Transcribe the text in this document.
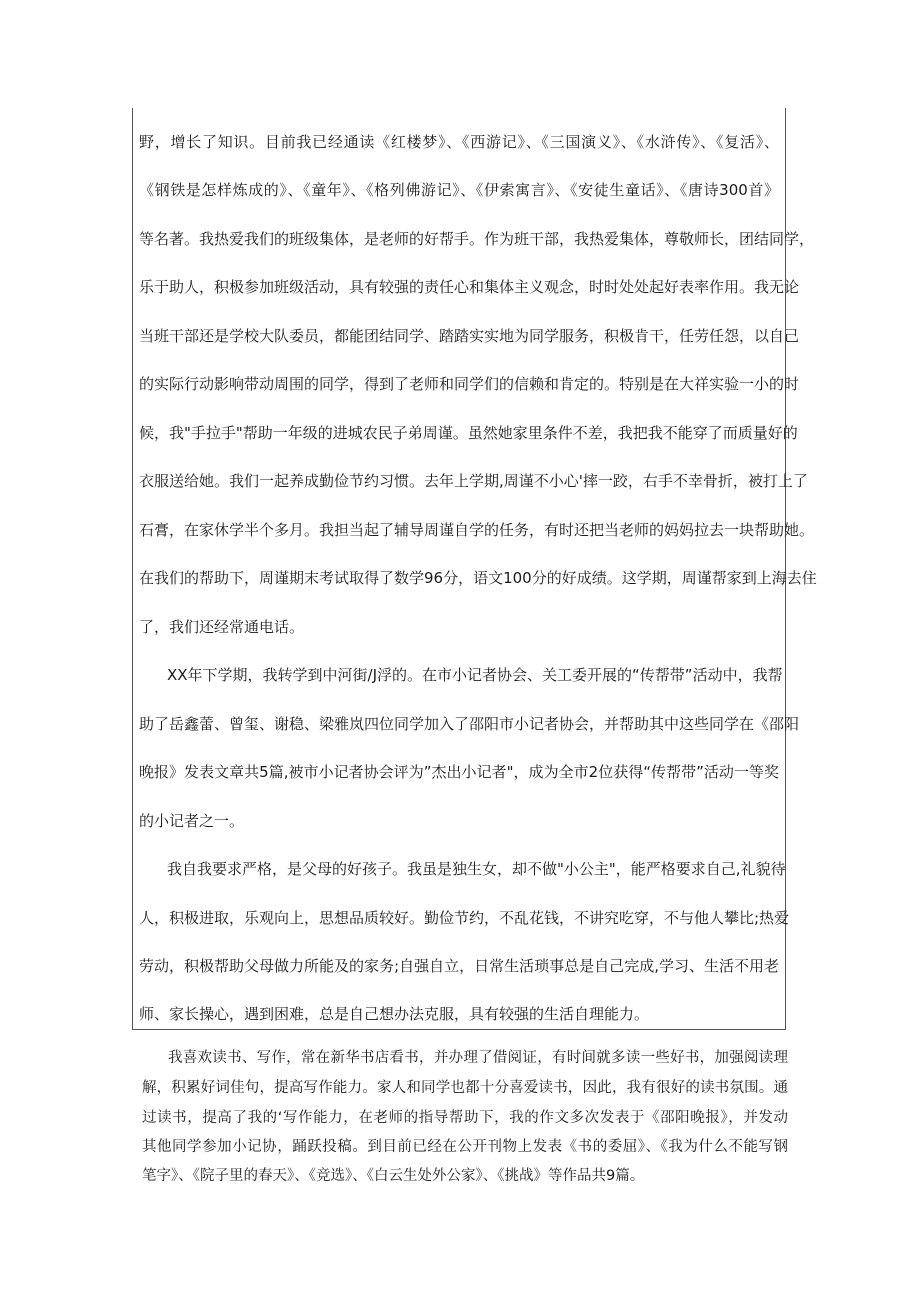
野，增长了知识。目前我已经通读《红楼梦》、《西游记》、《三国演义》、《水浒传》、《复活》、
《钢铁是怎样炼成的》、《童年》、《格列佛游记》、《伊索寓言》、《安徒生童话》、《唐诗300首》
等名著。我热爱我们的班级集体，是老师的好帮手。作为班干部，我热爱集体，尊敬师长，团结同学，
乐于助人，积极参加班级活动，具有较强的责任心和集体主义观念，时时处处起好表率作用。我无论
当班干部还是学校大队委员，都能团结同学、踏踏实实地为同学服务，积极肯干，任劳任怨，以自己
的实际行动影响带动周围的同学，得到了老师和同学们的信赖和肯定的。特别是在大祥实验一小的时
候，我"手拉手"帮助一年级的进城农民子弟周谨。虽然她家里条件不差，我把我不能穿了而质量好的
衣服送给她。我们一起养成勤俭节约习惯。去年上学期,周谨不小心'摔一跤，右手不幸骨折，被打上了
石膏，在家休学半个多月。我担当起了辅导周谨自学的任务，有时还把当老师的妈妈拉去一块帮助她。
在我们的帮助下，周谨期末考试取得了数学96分，语文100分的好成绩。这学期，周谨帮家到上海去住
了，我们还经常通电话。
XX年下学期，我转学到中河街/J浮的。在市小记者协会、关工委开展的“传帮带”活动中，我帮
助了岳鑫蕾、曾玺、谢稳、梁雅岚四位同学加入了邵阳市小记者协会，并帮助其中这些同学在《邵阳
晚报》发表文章共5篇,被市小记者协会评为”杰出小记者"，成为全市2位获得“传帮带”活动一等奖
的小记者之一。
我自我要求严格，是父母的好孩子。我虽是独生女，却不做"小公主"，能严格要求自己,礼貌待
人，积极进取，乐观向上，思想品质较好。勤俭节约，不乱花钱，不讲究吃穿，不与他人攀比;热爱
劳动，积极帮助父母做力所能及的家务;自强自立，日常生活琐事总是自己完成,学习、生活不用老
师、家长操心，遇到困难，总是自己想办法克服，具有较强的生活自理能力。
我喜欢读书、写作，常在新华书店看书，并办理了借阅证，有时间就多读一些好书，加强阅读理
解，积累好词佳句，提高写作能力。家人和同学也都十分喜爱读书，因此，我有很好的读书氛围。通
过读书，提高了我的‘写作能力，在老师的指导帮助下，我的作文多次发表于《邵阳晚报》，并发动
其他同学参加小记协，踊跃投稿。到目前已经在公开刊物上发表《书的委屈》、《我为什么不能写钢
笔字》、《院子里的春天》、《竞选》、《白云生处外公家》、《挑战》等作品共9篇。
